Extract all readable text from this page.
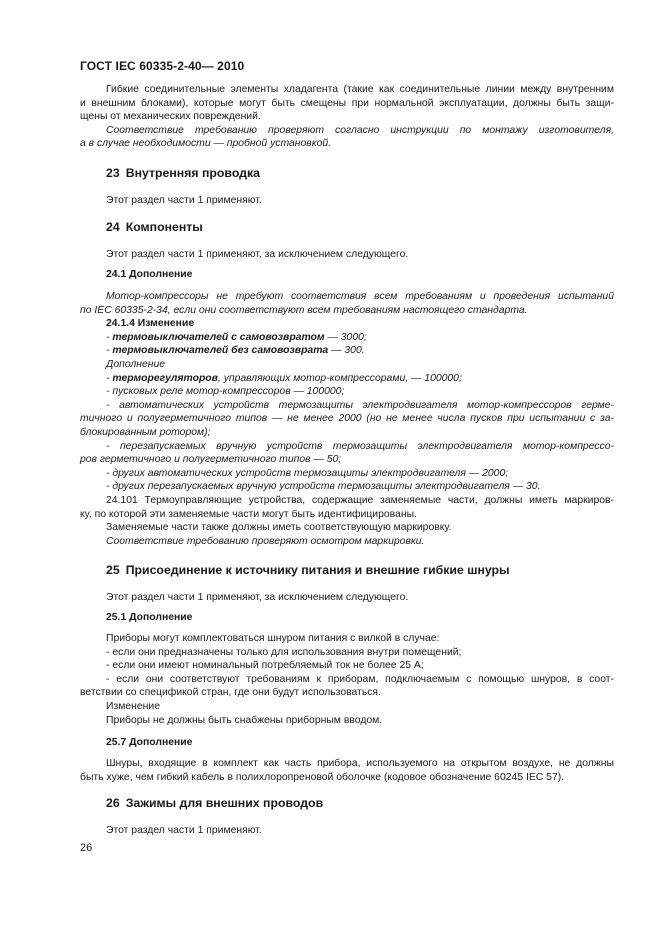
ГОСТ IEC 60335-2-40— 2010

Гибкие соединительные элементы хладагента (такие как соединительные линии между внутренним

и внешним блоками), которые могут быть смещены при нормальной эксплуатации, должны быть защи-

щены от механических повреждений.

Соответствие требованию проверяют согласно инструкции по монтажу изготовителя,

а в случае необходимости — пробной установкой.

23 Внутренняя проводка
Этот раздел части 1 применяют.
24 Компоненты
Этот раздел части 1 применяют, за исключением следующего.
24.1 Дополнение

Мотор-компрессоры не требуют соответствия всем требованиям и проведения испытаний

по IEC 60335-2-34, если они соответствуют всем требованиям настоящего стандарта.

24.1.4 Изменение

- термовыключателей с самовозвратом — 3000;

- термовыключателей без самовозврата — 300.

Дополнение

- терморегуляторов, управляющих мотор-компрессорами, — 100000;

- пусковых реле мотор-компрессоров — 100000;

- автоматических устройств термозащиты электродвигателя мотор-компрессоров герме-

тичного и полугерметичного типов — не менее 2000 (но не менее числа пусков при испытании с за-

блокированным ротором);

- перезапускаемых вручную устройств термозащиты электродвигателя мотор-компрессо-

ров герметичного и полугерметичного типов — 50;

- других автоматических устройств термозащиты электродвигателя — 2000;

- других перезапускаемых вручную устройств термозащиты электродвигателя — 30.

24.101 Термоуправляющие устройства, содержащие заменяемые части, должны иметь маркиров-

ку, по которой эти заменяемые части могут быть идентифицированы.

Заменяемые части также должны иметь соответствующую маркировку.

Соответствие требованию проверяют осмотром маркировки.

25 Присоединение к источнику питания и внешние гибкие шнуры
Этот раздел части 1 применяют, за исключением следующего.
25.1 Дополнение

Приборы могут комплектоваться шнуром питания с вилкой в случае:

- если они предназначены только для использования внутри помещений;

- если они имеют номинальный потребляемый ток не более 25 А;

- если они соответствуют требованиям к приборам, подключаемым с помощью шнуров, в соот-

ветствии со спецификой стран, где они будут использоваться.

Изменение

Приборы не должны быть снабжены приборным вводом.

25.7 Дополнение

Шнуры, входящие в комплект как часть прибора, используемого на открытом воздухе, не должны

быть хуже, чем гибкий кабель в полихлоропреновой оболочке (кодовое обозначение 60245 IEC 57).

26 Зажимы для внешних проводов
Этот раздел части 1 применяют.
26
